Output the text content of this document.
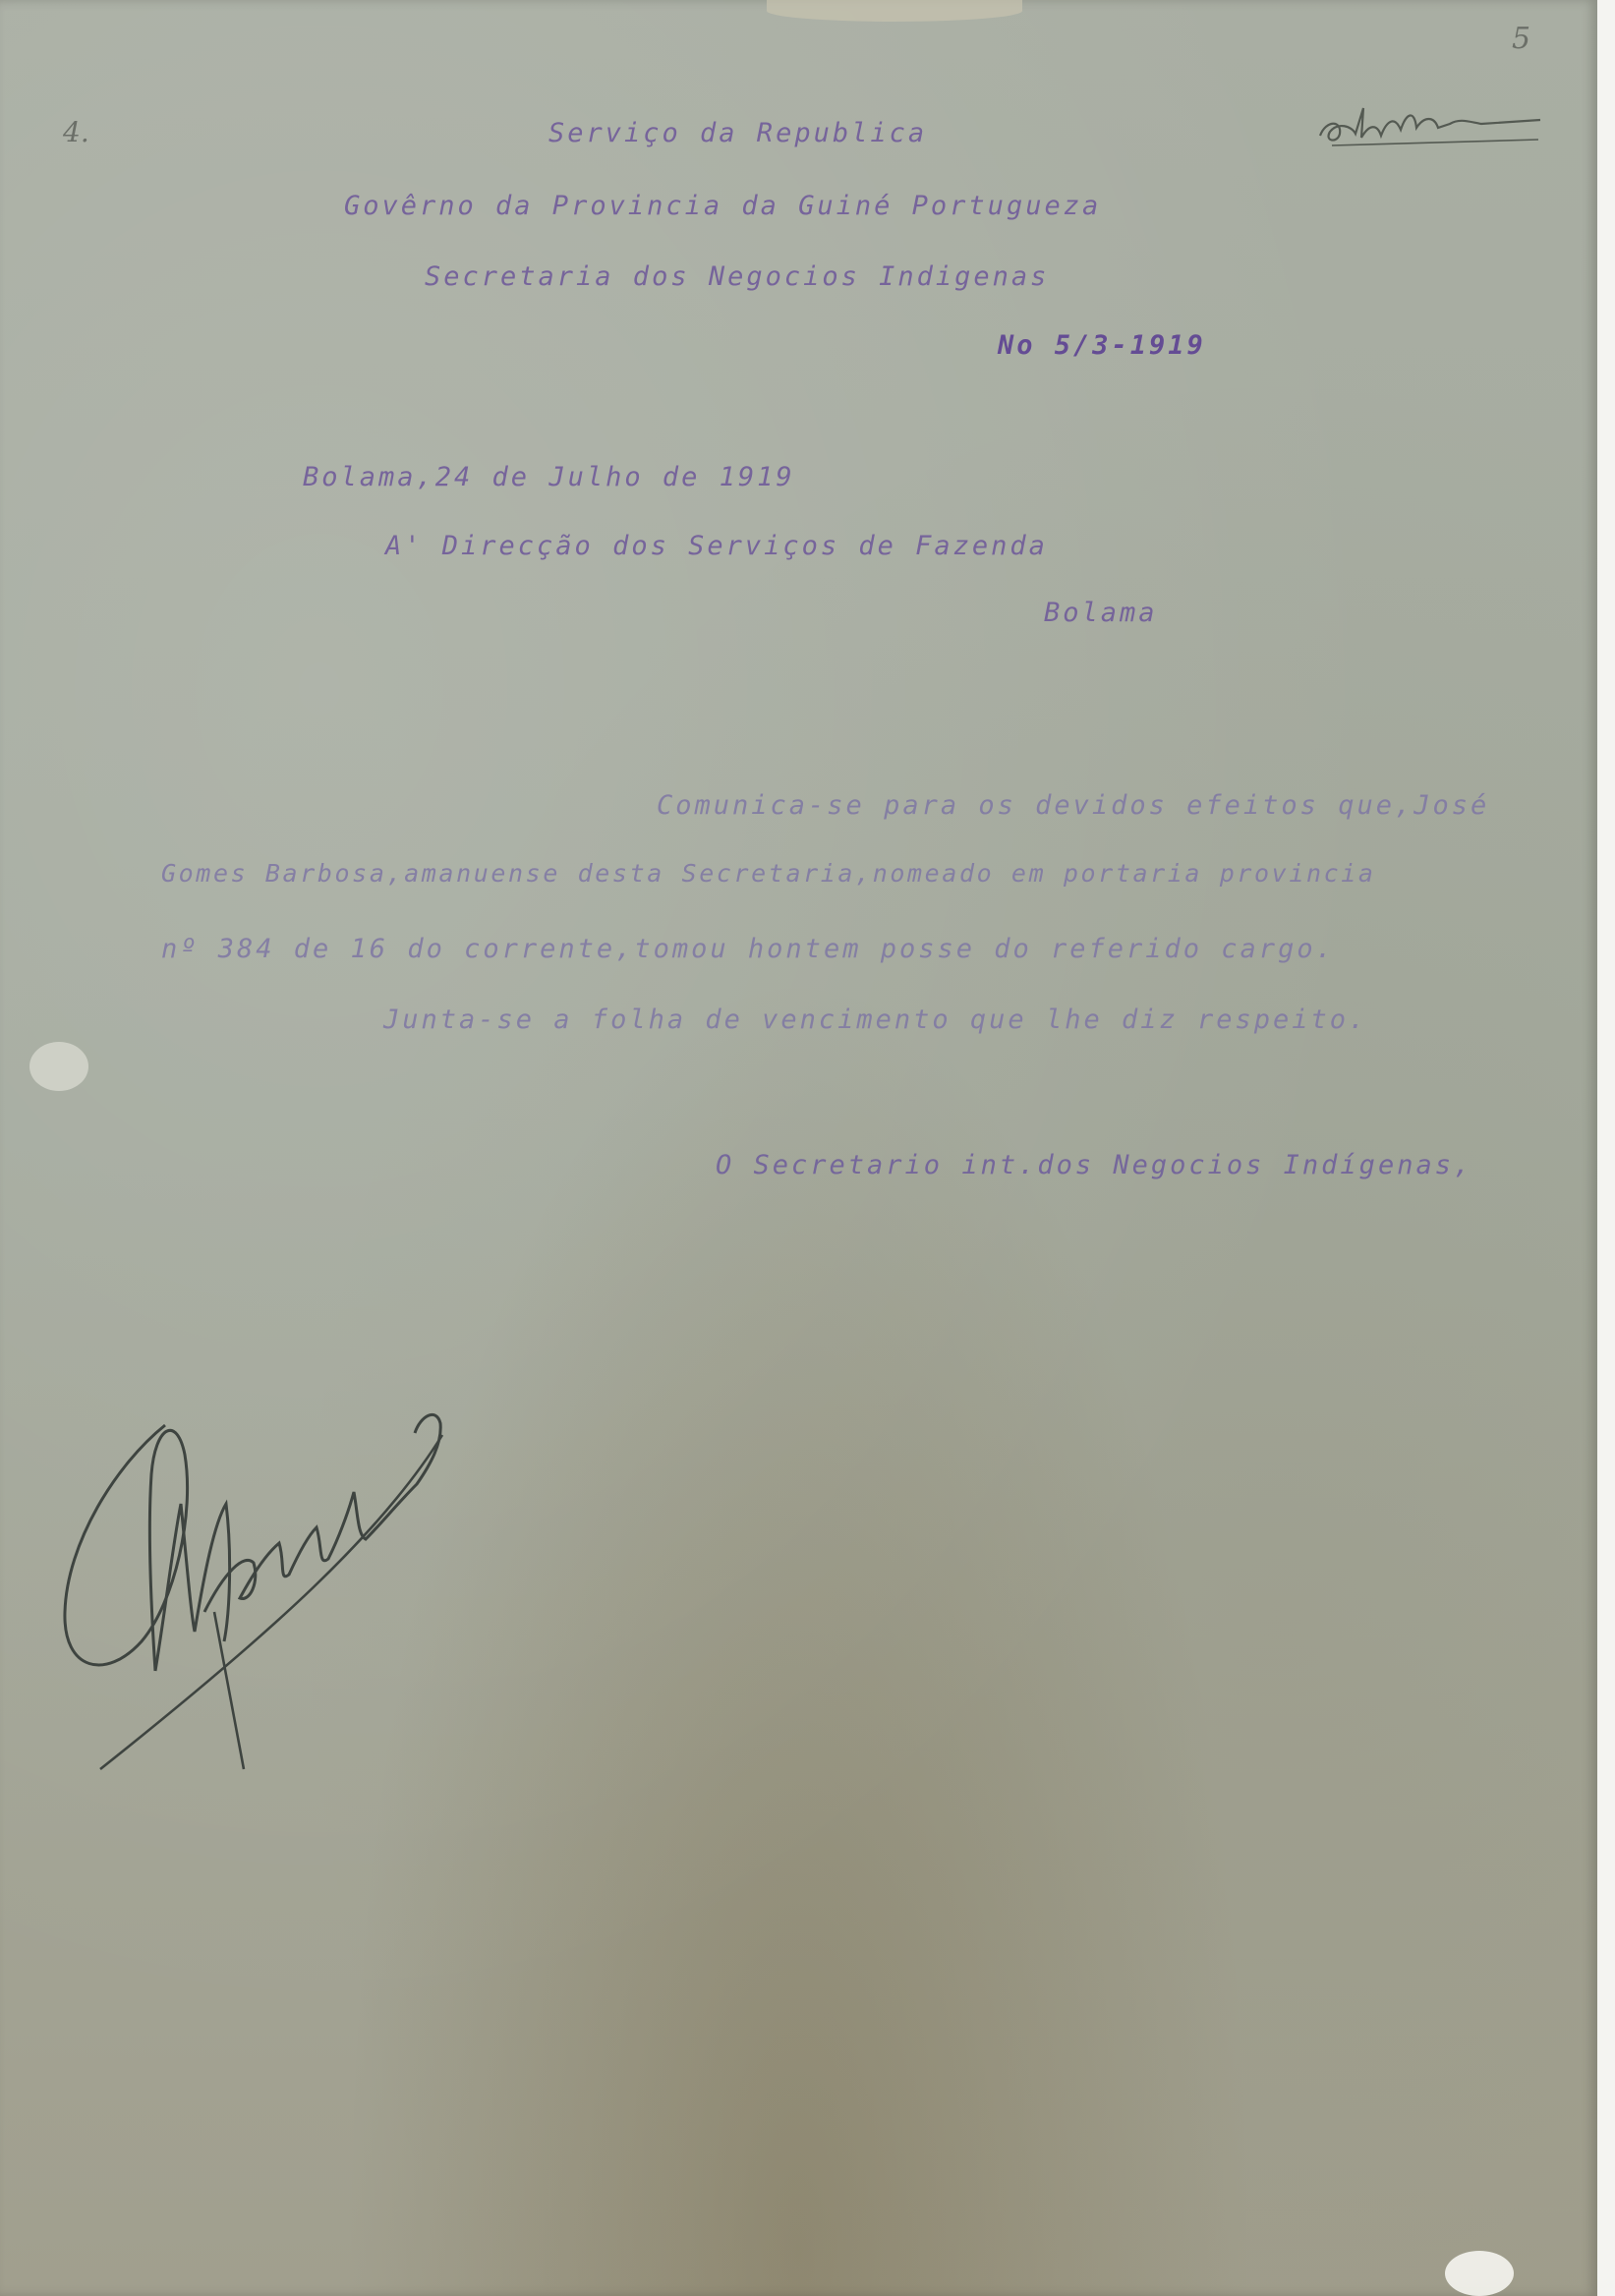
5
4.	Serviço da Republica
Govêrno da Provincia da Guiné Portugueza
Secretaria dos Negocios Indigenas
No 5/3-1919
Bolama,24 de Julho de 1919
A' Direcção dos Serviços de Fazenda
Bolama
Comunica-se para os devidos efeitos que,José
Gomes Barbosa,amanuense desta Secretaria,nomeado em portaria provincia
nº 384 de 16 do corrente,tomou hontem posse do referido cargo.
Junta-se a folha de vencimento que lhe diz respeito.
O Secretario int.dos Negocios Indígenas,
